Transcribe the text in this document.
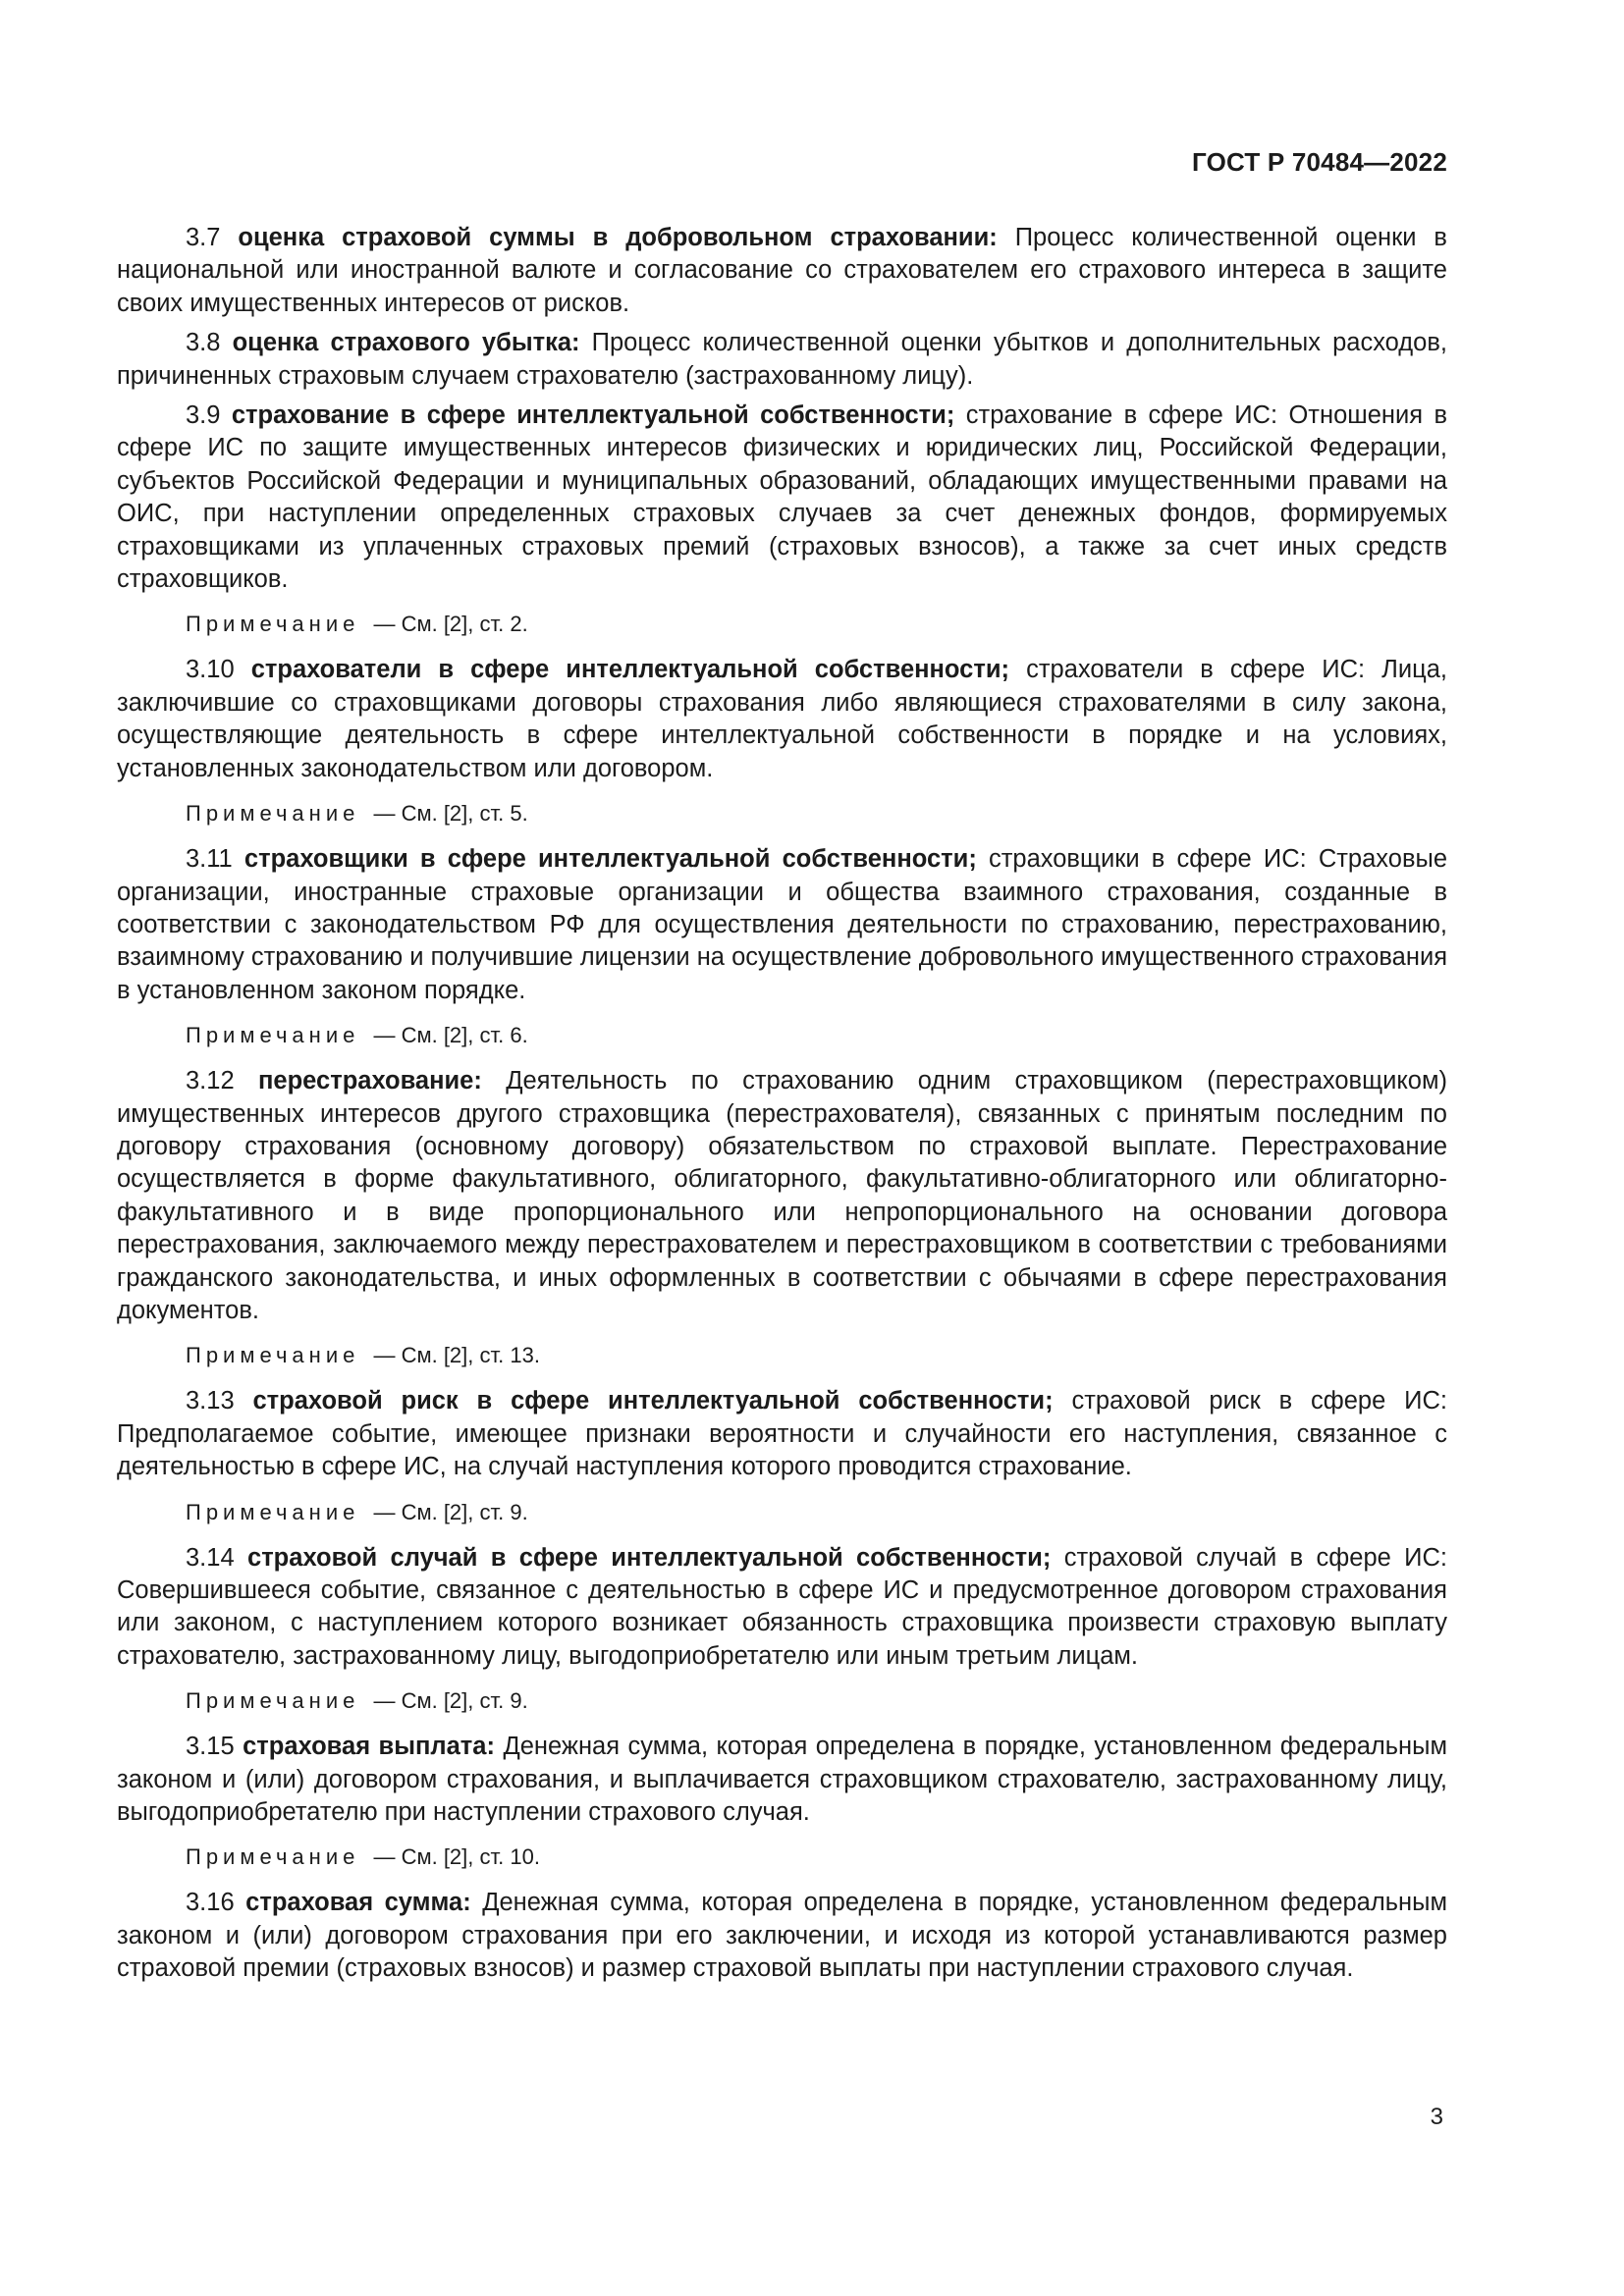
ГОСТ Р 70484—2022

3.7 оценка страховой суммы в добровольном страховании: Процесс количественной оценки в национальной или иностранной валюте и согласование со страхователем его страхового интереса в защите своих имущественных интересов от рисков.

3.8 оценка страхового убытка: Процесс количественной оценки убытков и дополнительных расходов, причиненных страховым случаем страхователю (застрахованному лицу).

3.9 страхование в сфере интеллектуальной собственности; страхование в сфере ИС: Отношения в сфере ИС по защите имущественных интересов физических и юридических лиц, Российской Федерации, субъектов Российской Федерации и муниципальных образований, обладающих имущественными правами на ОИС, при наступлении определенных страховых случаев за счет денежных фондов, формируемых страховщиками из уплаченных страховых премий (страховых взносов), а также за счет иных средств страховщиков.

Примечание — См. [2], ст. 2.

3.10 страхователи в сфере интеллектуальной собственности; страхователи в сфере ИС: Лица, заключившие со страховщиками договоры страхования либо являющиеся страхователями в силу закона, осуществляющие деятельность в сфере интеллектуальной собственности в порядке и на условиях, установленных законодательством или договором.

Примечание — См. [2], ст. 5.

3.11 страховщики в сфере интеллектуальной собственности; страховщики в сфере ИС: Страховые организации, иностранные страховые организации и общества взаимного страхования, созданные в соответствии с законодательством РФ для осуществления деятельности по страхованию, перестрахованию, взаимному страхованию и получившие лицензии на осуществление добровольного имущественного страхования в установленном законом порядке.

Примечание — См. [2], ст. 6.

3.12 перестрахование: Деятельность по страхованию одним страховщиком (перестраховщиком) имущественных интересов другого страховщика (перестрахователя), связанных с принятым последним по договору страхования (основному договору) обязательством по страховой выплате. Перестрахование осуществляется в форме факультативного, облигаторного, факультативно-облигаторного или облигаторно-факультативного и в виде пропорционального или непропорционального на основании договора перестрахования, заключаемого между перестрахователем и перестраховщиком в соответствии с требованиями гражданского законодательства, и иных оформленных в соответствии с обычаями в сфере перестрахования документов.

Примечание — См. [2], ст. 13.

3.13 страховой риск в сфере интеллектуальной собственности; страховой риск в сфере ИС: Предполагаемое событие, имеющее признаки вероятности и случайности его наступления, связанное с деятельностью в сфере ИС, на случай наступления которого проводится страхование.

Примечание — См. [2], ст. 9.

3.14 страховой случай в сфере интеллектуальной собственности; страховой случай в сфере ИС: Совершившееся событие, связанное с деятельностью в сфере ИС и предусмотренное договором страхования или законом, с наступлением которого возникает обязанность страховщика произвести страховую выплату страхователю, застрахованному лицу, выгодоприобретателю или иным третьим лицам.

Примечание — См. [2], ст. 9.

3.15 страховая выплата: Денежная сумма, которая определена в порядке, установленном федеральным законом и (или) договором страхования, и выплачивается страховщиком страхователю, застрахованному лицу, выгодоприобретателю при наступлении страхового случая.

Примечание — См. [2], ст. 10.

3.16 страховая сумма: Денежная сумма, которая определена в порядке, установленном федеральным законом и (или) договором страхования при его заключении, и исходя из которой устанавливаются размер страховой премии (страховых взносов) и размер страховой выплаты при наступлении страхового случая.

3
